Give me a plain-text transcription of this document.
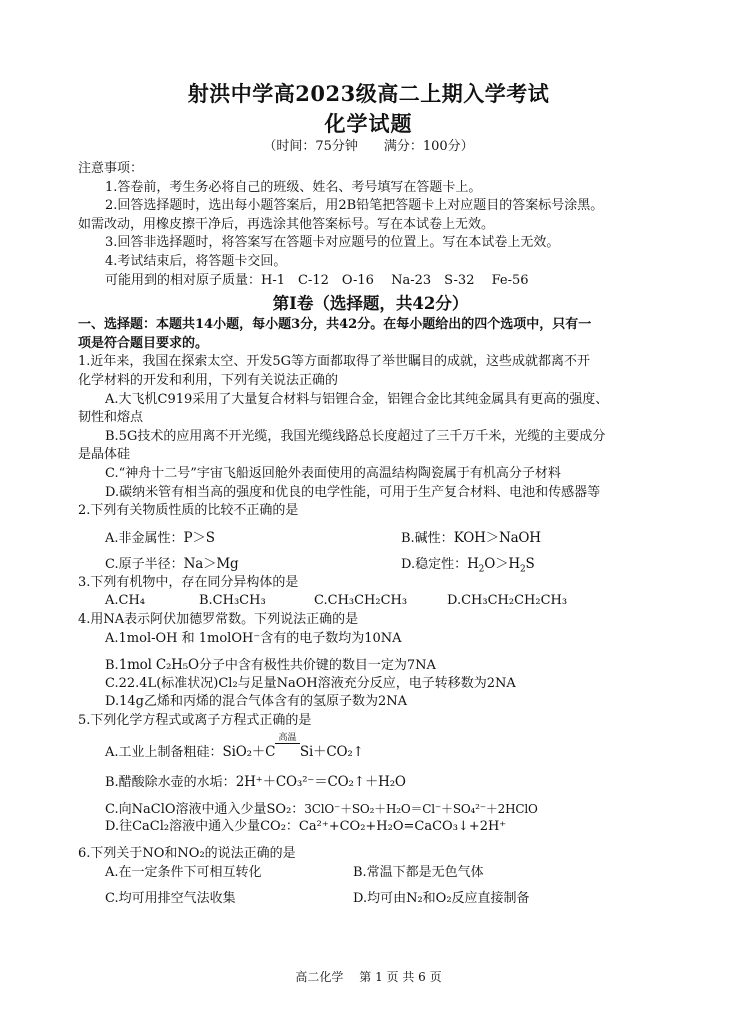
射洪中学高2023级高二上期入学考试
化学试题
（时间：75分钟　　满分：100分）
注意事项：
1.答卷前，考生务必将自己的班级、姓名、考号填写在答题卡上。
2.回答选择题时，选出每小题答案后，用2B铅笔把答题卡上对应题目的答案标号涂黑。
如需改动，用橡皮擦干净后，再选涂其他答案标号。写在本试卷上无效。
3.回答非选择题时，将答案写在答题卡对应题号的位置上。写在本试卷上无效。
4.考试结束后，将答题卡交回。
可能用到的相对原子质量：H-1　C-12　O-16　 Na-23　S-32　 Fe-56
第Ⅰ卷（选择题，共42分）
一、选择题：本题共14小题，每小题3分，共42分。在每小题给出的四个选项中，只有一
项是符合题目要求的。
1.近年来，我国在探索太空、开发5G等方面都取得了举世瞩目的成就，这些成就都离不开
化学材料的开发和利用，下列有关说法正确的
A.大飞机C919采用了大量复合材料与铝锂合金，铝锂合金比其纯金属具有更高的强度、
韧性和熔点
B.5G技术的应用离不开光缆，我国光缆线路总长度超过了三千万千米，光缆的主要成分
是晶体硅
C.“神舟十二号”宇宙飞船返回舱外表面使用的高温结构陶瓷属于有机高分子材料
D.碳纳米管有相当高的强度和优良的电学性能，可用于生产复合材料、电池和传感器等
2.下列有关物质性质的比较不正确的是
A.非金属性：P＞S	B.碱性：KOH＞NaOH
C.原子半径：Na＞Mg	D.稳定性：$H_2O>H_2S$
3.下列有机物中，存在同分异构体的是
A.CH₄	B.CH₃CH₃	C.CH₃CH₂CH₃	D.CH₃CH₂CH₂CH₃
4.用NA表示阿伏加德罗常数。下列说法正确的是
A.1mol-OH 和 1molOH⁻含有的电子数均为10NA
B.1mol C₂H₅O分子中含有极性共价键的数目一定为7NA
C.22.4L(标准状况)Cl₂与足量NaOH溶液充分反应，电子转移数为2NA
D.14g乙烯和丙烯的混合气体含有的氢原子数为2NA
5.下列化学方程式或离子方程式正确的是
A.工业上制备粗硅：SiO₂＋C
高温
Si＋CO₂↑
B.醋酸除水壶的水垢：2H⁺＋CO₃²⁻＝CO₂↑＋H₂O
C.向NaClO溶液中通入少量SO₂：3ClO⁻＋SO₂＋H₂O＝Cl⁻＋SO₄²⁻＋2HClO
D.往CaCl₂溶液中通入少量CO₂：Ca²⁺+CO₂+H₂O=CaCO₃↓+2H⁺
6.下列关于NO和NO₂的说法正确的是
A.在一定条件下可相互转化	B.常温下都是无色气体
C.均可用排空气法收集	D.均可由N₂和O₂反应直接制备
高二化学 第 1 页 共 6 页
